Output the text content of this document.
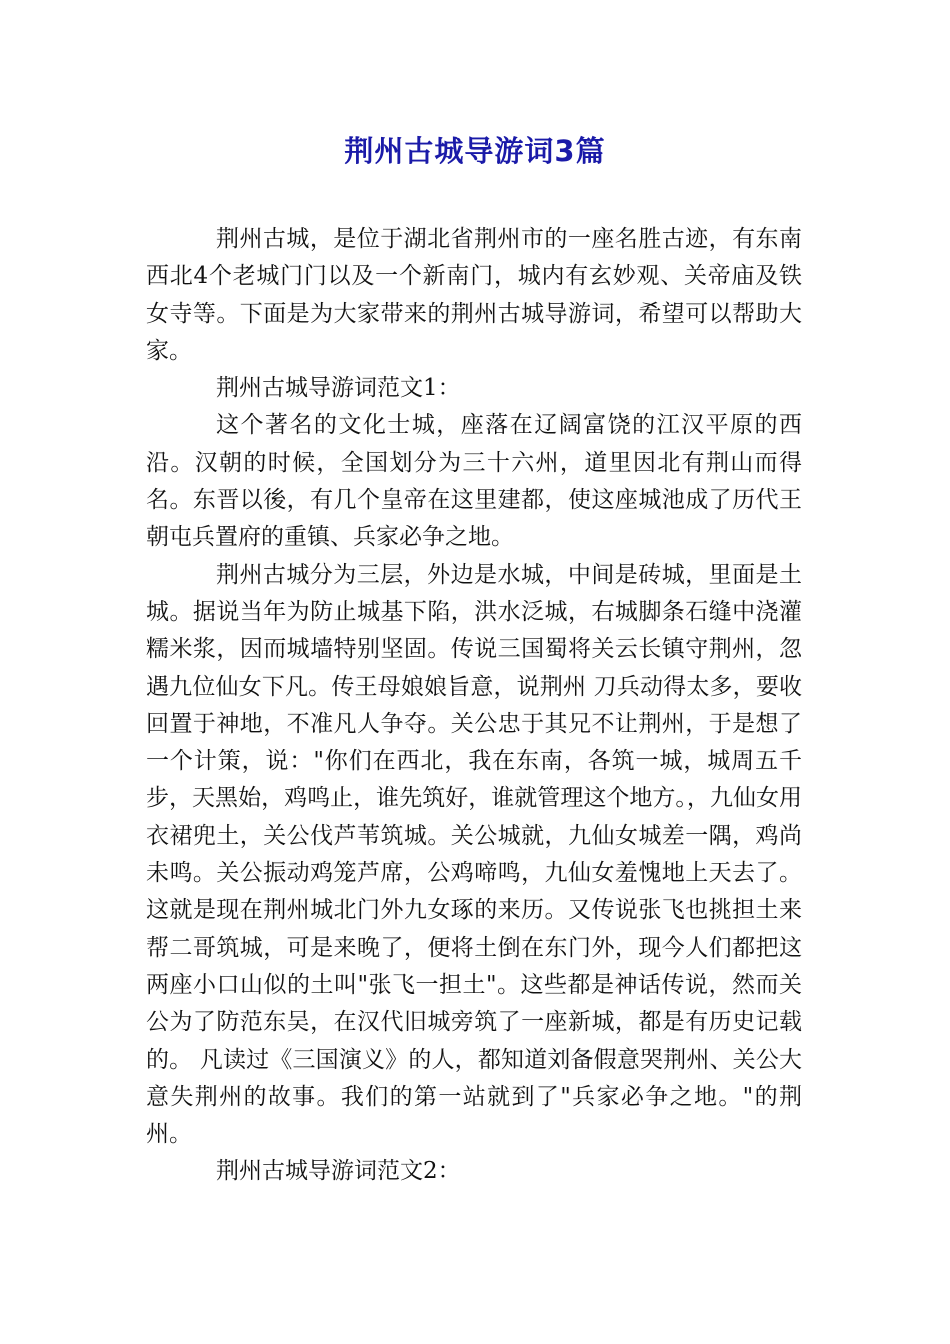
荆州古城导游词3篇

荆州古城，是位于湖北省荆州市的一座名胜古迹，有东南西北4个老城门门以及一个新南门，城内有玄妙观、关帝庙及铁女寺等。下面是为大家带来的荆州古城导游词，希望可以帮助大家。

荆州古城导游词范文1：

这个著名的文化士城，座落在辽阔富饶的江汉平原的西沿。汉朝的时候，全国划分为三十六州，道里因北有荆山而得名。东晋以後，有几个皇帝在这里建都，使这座城池成了历代王朝屯兵置府的重镇、兵家必争之地。

荆州古城分为三层，外边是水城，中间是砖城，里面是土城。据说当年为防止城基下陷，洪水泛城，右城脚条石缝中浇灌糯米浆，因而城墙特别坚固。传说三国蜀将关云长镇守荆州，忽遇九位仙女下凡。传王母娘娘旨意，说荆州 刀兵动得太多，要收回置于神地，不准凡人争夺。关公忠于其兄不让荆州，于是想了一个计策，说："你们在西北，我在东南，各筑一城，城周五千步，天黑始，鸡鸣止，谁先筑好，谁就管理这个地方。，九仙女用衣裙兜土，关公伐芦苇筑城。关公城就，九仙女城差一隅，鸡尚未鸣。关公振动鸡笼芦席，公鸡啼鸣，九仙女羞愧地上天去了。这就是现在荆州城北门外九女琢的来历。又传说张飞也挑担土来帮二哥筑城，可是来晚了，便将土倒在东门外，现今人们都把这两座小口山似的土叫"张飞一担土"。这些都是神话传说，然而关公为了防范东吴，在汉代旧城旁筑了一座新城，都是有历史记载的。 凡读过《三国演义》的人，都知道刘备假意哭荆州、关公大意失荆州的故事。我们的第一站就到了"兵家必争之地。"的荆州。

荆州古城导游词范文2：
